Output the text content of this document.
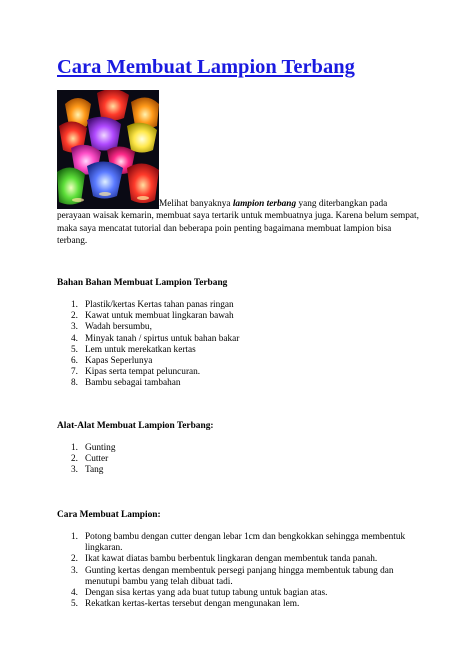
Cara Membuat Lampion Terbang

Melihat banyaknya lampion terbang yang diterbangkan pada perayaan waisak kemarin, membuat saya tertarik untuk membuatnya juga. Karena belum sempat, maka saya mencatat tutorial dan beberapa poin penting bagaimana membuat lampion bisa terbang.

Bahan Bahan Membuat Lampion Terbang
1. Plastik/kertas Kertas tahan panas ringan
2. Kawat untuk membuat lingkaran bawah
3. Wadah bersumbu,
4. Minyak tanah / spirtus untuk bahan bakar
5. Lem untuk merekatkan kertas
6. Kapas Seperlunya
7. Kipas serta tempat peluncuran.
8. Bambu sebagai tambahan
Alat-Alat Membuat Lampion Terbang:
1. Gunting
2. Cutter
3. Tang
Cara Membuat Lampion:
1. Potong bambu dengan cutter dengan lebar 1cm dan bengkokkan sehingga membentuk lingkaran.
2. Ikat kawat diatas bambu berbentuk lingkaran dengan membentuk tanda panah.
3. Gunting kertas dengan membentuk persegi panjang hingga membentuk tabung dan menutupi bambu yang telah dibuat tadi.
4. Dengan sisa kertas yang ada buat tutup tabung untuk bagian atas.
5. Rekatkan kertas-kertas tersebut dengan mengunakan lem.
